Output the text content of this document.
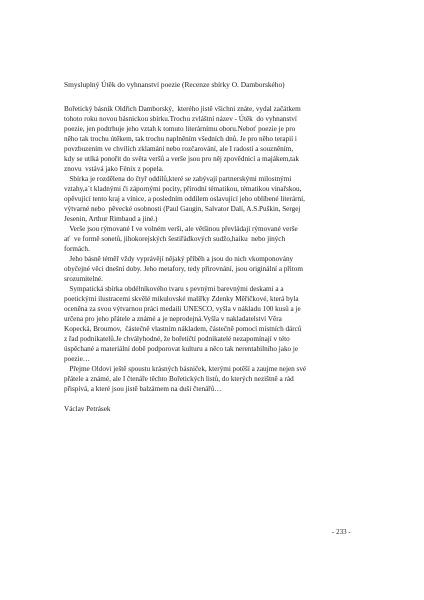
Smysluplný Útěk do vyhnanství poezie (Recenze sbírky O. Damborského)

Bořetický básník Oldřich Damborský,  kterého jistě všichni znáte, vydal začátkem

tohoto roku novou básnickou sbírku.Trochu zvláštní název - Útěk  do vyhnanství

poezie, jen podtrhuje jeho vztah k tomuto literárnímu oboru.Neboť poezie je pro

něho tak trochu útěkem, tak trochu naplněním všedních dnů. Je pro něho terapií i

povzbuzením ve chvílích zklamání nebo rozčarování, ale I radostí a souzněním,

kdy se utíká ponořit do světa veršů a verše jsou pro něj zpovědnicí a majákem,tak

znovu  vstává jako Fénix z popela.

Sbírka je rozdělena do čtyř oddílů,které se zabývají partnerskými milostnými

vztahy,a´t kladnými či zápornými pocity, přírodní tématikou, tématikou vinařskou,

opěvující tento kraj a vínice, a posledním oddílem oslavující jeho oblíbené literární,

výtvarné nebo  pěvecké osobnosti (Paul Gaugin, Salvator Dalí, A.S.Puškin, Sergej

Jesenin, Arthur Rimbaud a jiné.)

Verše jsou rýmované I ve volném verši, ale většinou převládají rýmované verše

ať  ve formě sonetů, jihokorejských šestiřádkových sudžo,haiku  nebo jiných

formách.

Jeho básně téměř vždy vyprávějí nějaký příběh a jsou do nich vkomponovány

obyčejné věci dnešní doby. Jeho metafory, tedy přirovnání, jsou originální a přitom

srozumitelné.

Sympatická sbírka obdélníkového tvaru s pevnými barevnými deskami a a

poetickými ilustracemi skvělé mikulovské malířky Zdenky Měřičkové, která byla

oceněna za svou výtvarnou práci medailí UNESCO, vyšla v nákladu 100 kusů a je

určena pro jeho přátele a známé a je neprodejná.Vyšla v nakladatelství Věra

Kopecká, Broumov,  částečně vlastním nákladem, částečně pomocí místních dárců

z řad podnikatelů.Je chvályhodné, že bořetičtí podnikatelé nezapomínají v této

úspěchané a materiální době podporovat kulturu a něco tak nerentabilního jako je

poezie…

Přejme Oldovi ještě spoustu krásných básniček, kterými potěší a zaujme nejen své

přátele a známé, ale I čtenáře těchto Bořetických listů, do kterých nezištně a rád

přispívá, a které jsou jistě balzámem na duši čtenářů…

Václav Petrásek
- 233 -
